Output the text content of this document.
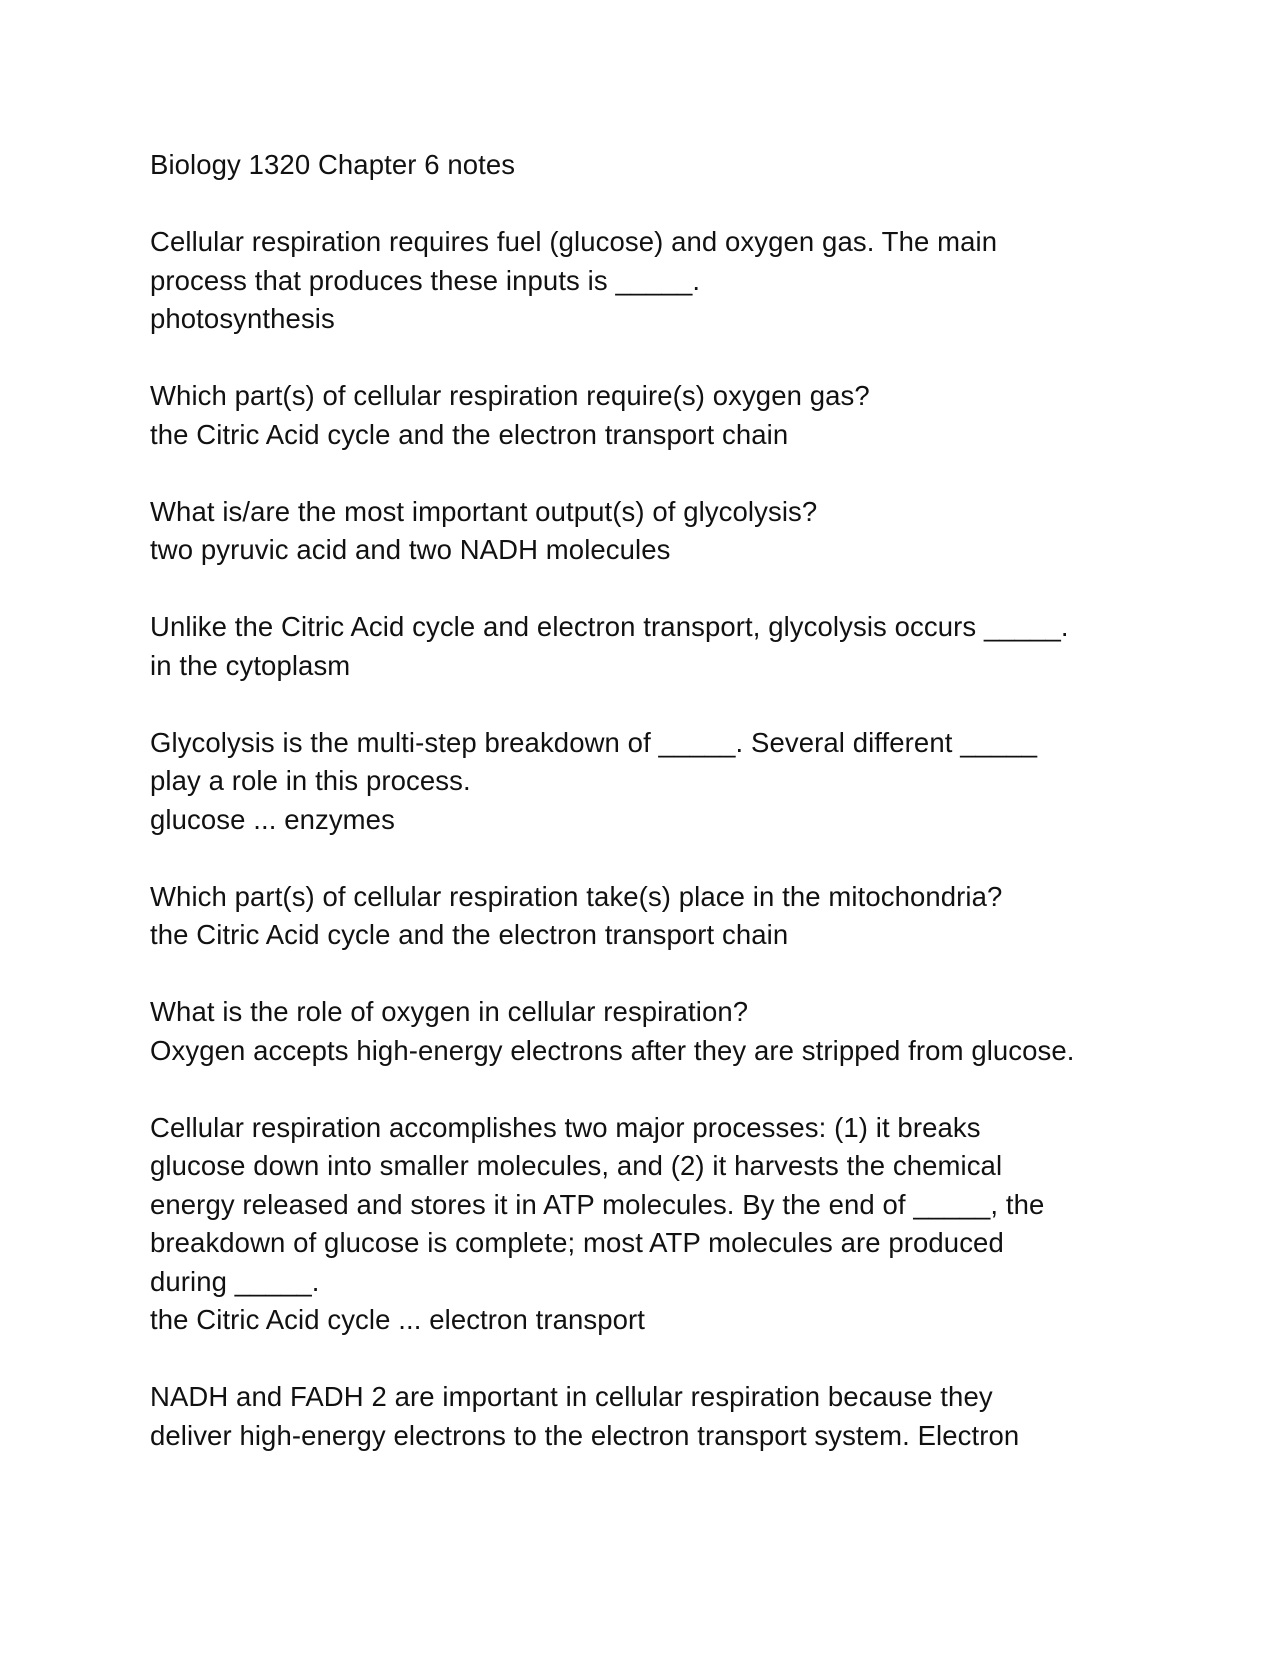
Biology 1320 Chapter 6 notes
Cellular respiration requires fuel (glucose) and oxygen gas. The main
process that produces these inputs is _____.
photosynthesis
Which part(s) of cellular respiration require(s) oxygen gas?
the Citric Acid cycle and the electron transport chain
What is/are the most important output(s) of glycolysis?
two pyruvic acid and two NADH molecules
Unlike the Citric Acid cycle and electron transport, glycolysis occurs _____.
in the cytoplasm
Glycolysis is the multi-step breakdown of _____. Several different _____
play a role in this process.
glucose ... enzymes
Which part(s) of cellular respiration take(s) place in the mitochondria?
the Citric Acid cycle and the electron transport chain
What is the role of oxygen in cellular respiration?
Oxygen accepts high-energy electrons after they are stripped from glucose.
Cellular respiration accomplishes two major processes: (1) it breaks
glucose down into smaller molecules, and (2) it harvests the chemical
energy released and stores it in ATP molecules. By the end of _____, the
breakdown of glucose is complete; most ATP molecules are produced
during _____.
the Citric Acid cycle ... electron transport
NADH and FADH 2 are important in cellular respiration because they
deliver high-energy electrons to the electron transport system. Electron
